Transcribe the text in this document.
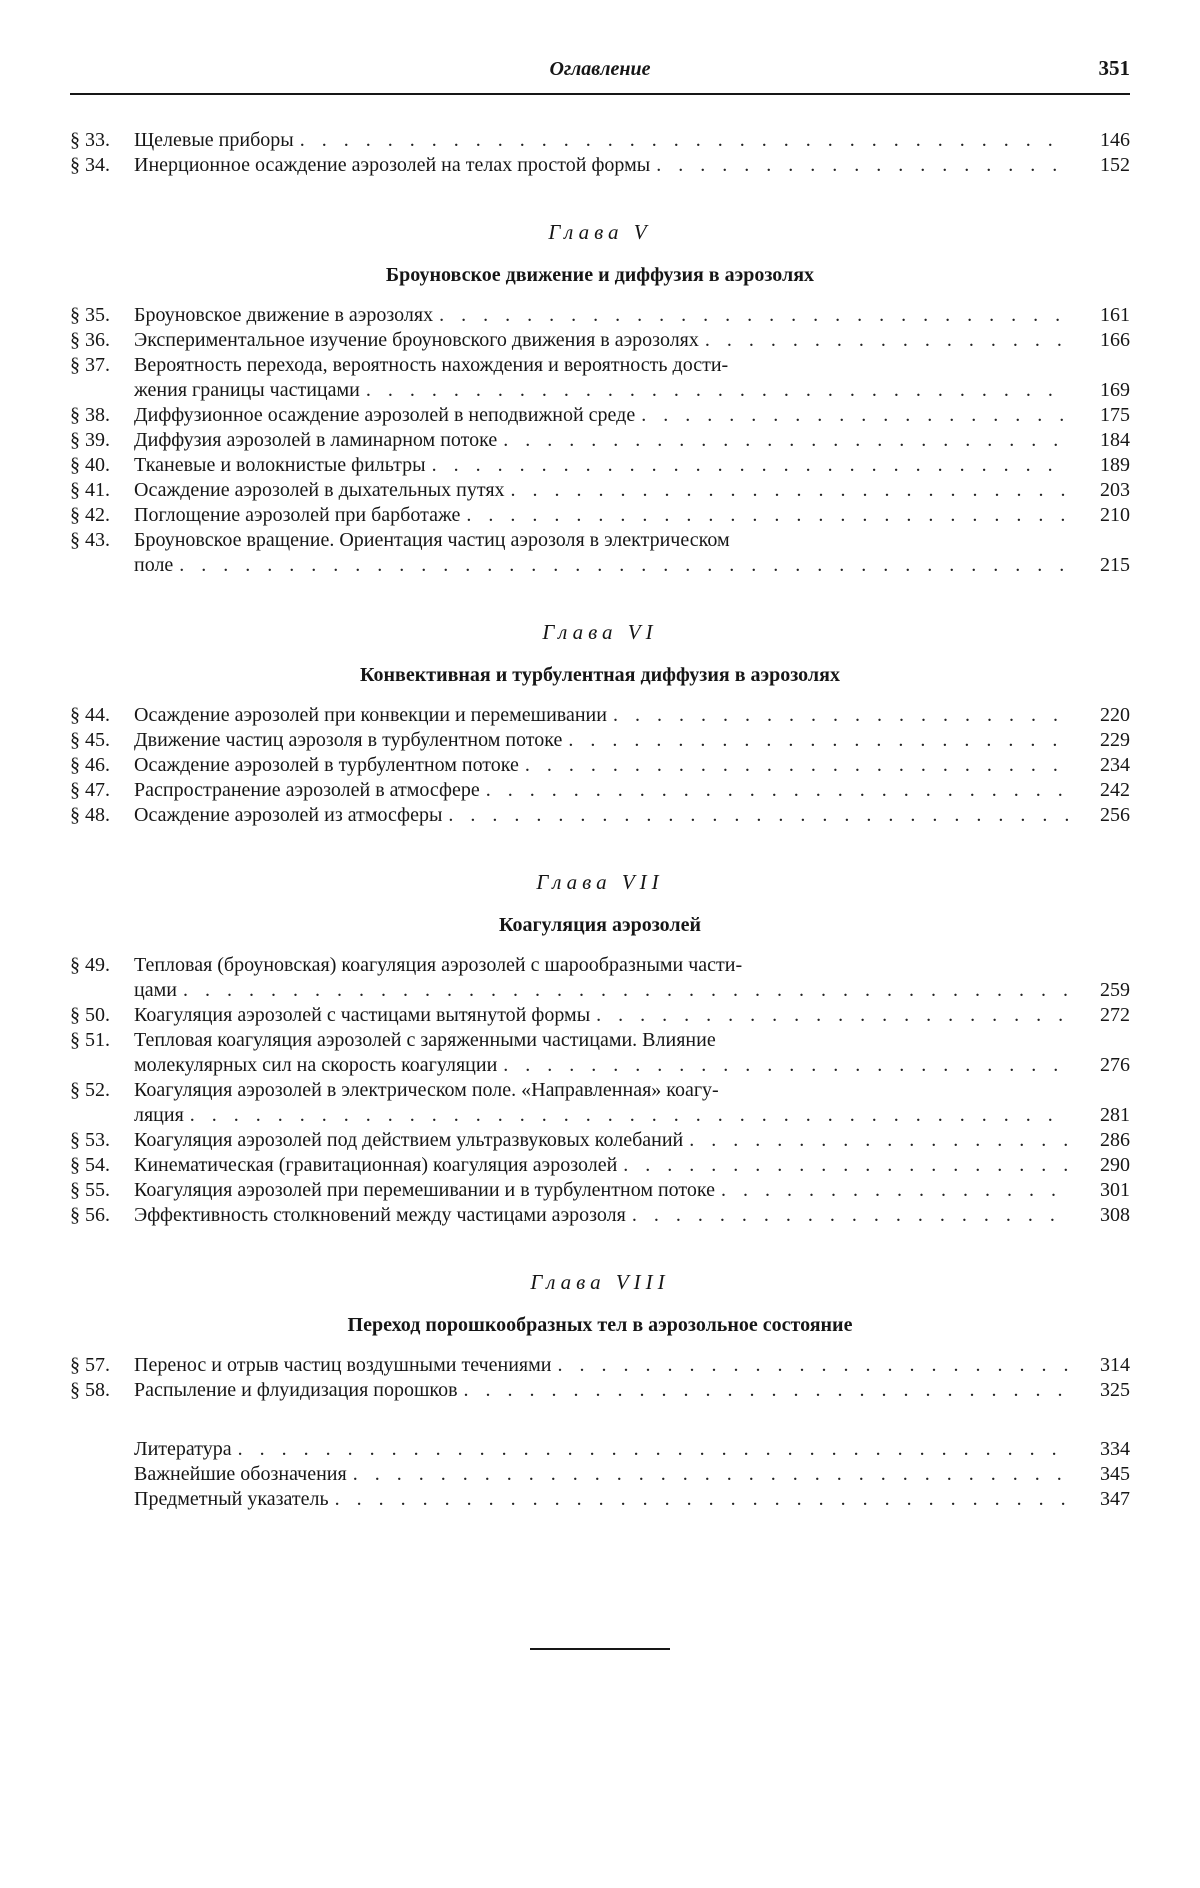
Оглавление	351
§ 33.	Щелевые приборы . . .	146
§ 34.	Инерционное осаждение аэрозолей на телах простой формы . . .	152
Глава V
Броуновское движение и диффузия в аэрозолях
§ 35.	Броуновское движение в аэрозолях . . .	161
§ 36.	Экспериментальное изучение броуновского движения в аэрозолях . . .	166
§ 37.	Вероятность перехода, вероятность нахождения и вероятность дости-
жения границы частицами . . .	169
§ 38.	Диффузионное осаждение аэрозолей в неподвижной среде . . .	175
§ 39.	Диффузия аэрозолей в ламинарном потоке . . .	184
§ 40.	Тканевые и волокнистые фильтры . . .	189
§ 41.	Осаждение аэрозолей в дыхательных путях . . .	203
§ 42.	Поглощение аэрозолей при барботаже . . .	210
§ 43.	Броуновское вращение. Ориентация частиц аэрозоля в электрическом
поле . . .	215
Глава VI
Конвективная и турбулентная диффузия в аэрозолях
§ 44.	Осаждение аэрозолей при конвекции и перемешивании . . .	220
§ 45.	Движение частиц аэрозоля в турбулентном потоке . . .	229
§ 46.	Осаждение аэрозолей в турбулентном потоке . . .	234
§ 47.	Распространение аэрозолей в атмосфере . . .	242
§ 48.	Осаждение аэрозолей из атмосферы . . .	256
Глава VII
Коагуляция аэрозолей
§ 49.	Тепловая (броуновская) коагуляция аэрозолей с шарообразными части-
цами . . .	259
§ 50.	Коагуляция аэрозолей с частицами вытянутой формы . . .	272
§ 51.	Тепловая коагуляция аэрозолей с заряженными частицами. Влияние
молекулярных сил на скорость коагуляции . . .	276
§ 52.	Коагуляция аэрозолей в электрическом поле. «Направленная» коагу-
ляция . . .	281
§ 53.	Коагуляция аэрозолей под действием ультразвуковых колебаний . . .	286
§ 54.	Кинематическая (гравитационная) коагуляция аэрозолей . . .	290
§ 55.	Коагуляция аэрозолей при перемешивании и в турбулентном потоке . . .	301
§ 56.	Эффективность столкновений между частицами аэрозоля . . .	308
Глава VIII
Переход порошкообразных тел в аэрозольное состояние
§ 57.	Перенос и отрыв частиц воздушными течениями . . .	314
§ 58.	Распыление и флуидизация порошков . . .	325
Литература . . .	334
Важнейшие обозначения . . .	345
Предметный указатель . . .	347
